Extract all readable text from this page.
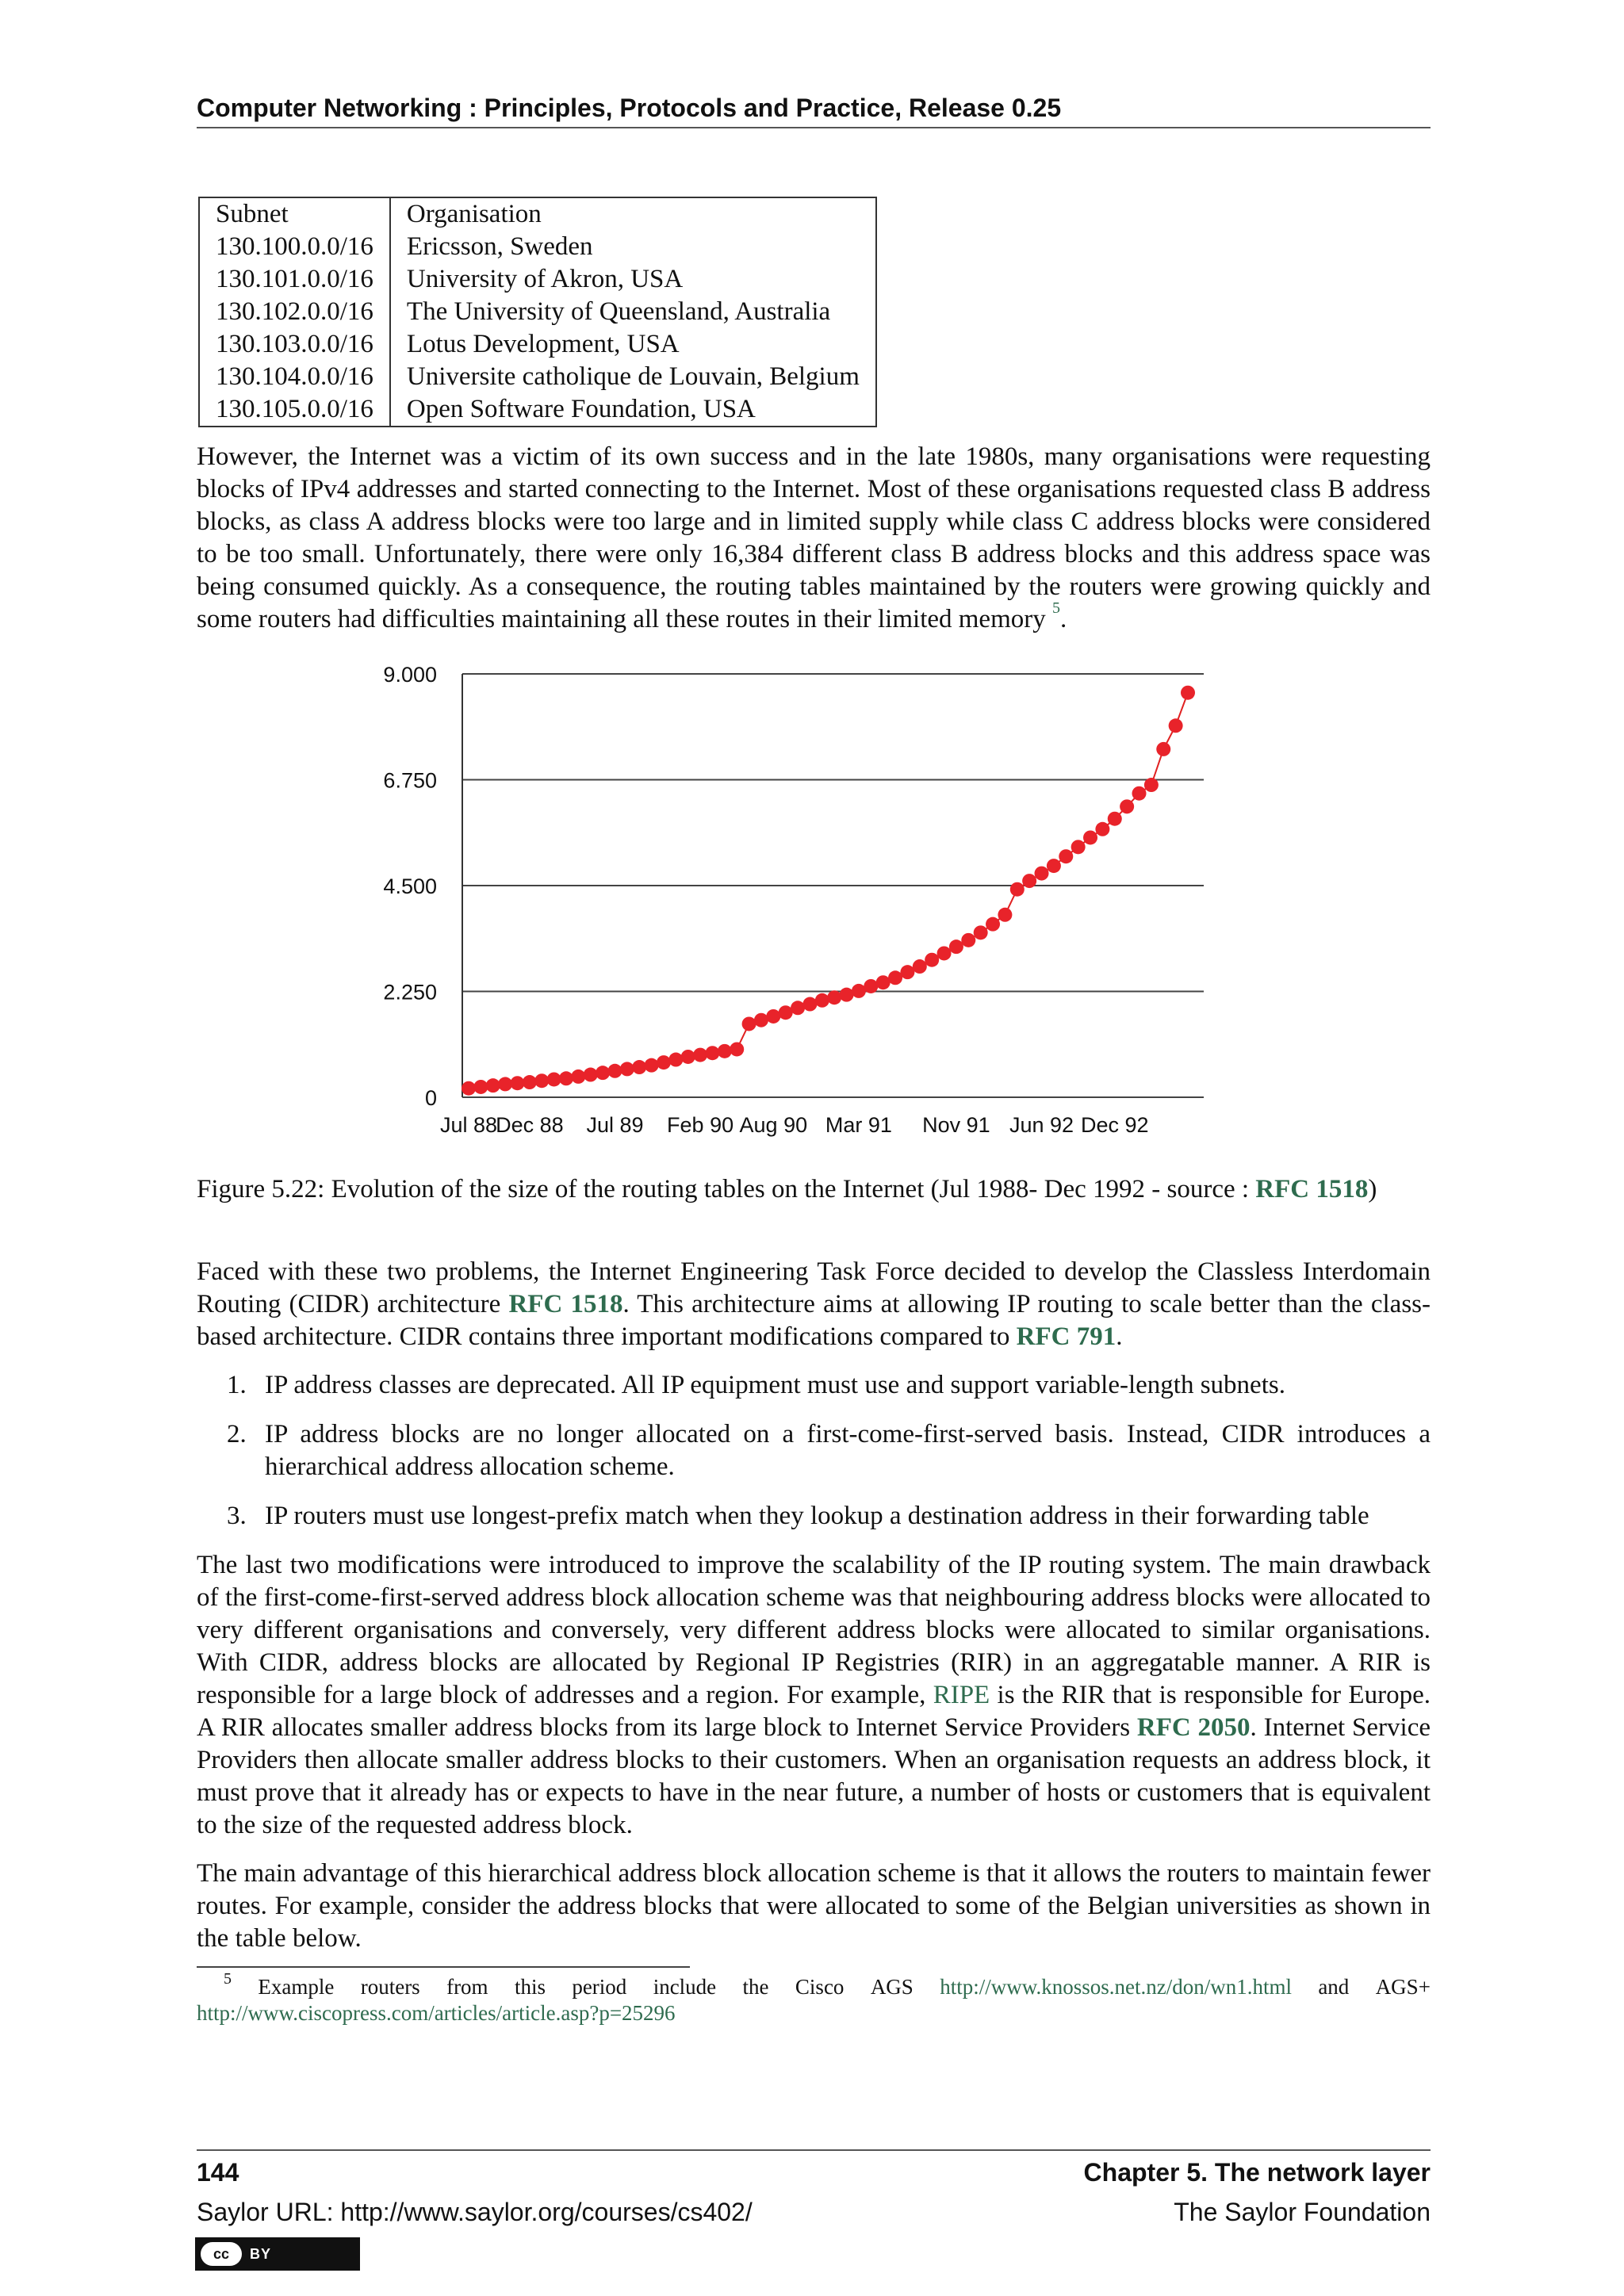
Computer Networking : Principles, Protocols and Practice, Release 0.25
Subnet	Organisation
130.100.0.0/16	Ericsson, Sweden
130.101.0.0/16	University of Akron, USA
130.102.0.0/16	The University of Queensland, Australia
130.103.0.0/16	Lotus Development, USA
130.104.0.0/16	Universite catholique de Louvain, Belgium
130.105.0.0/16	Open Software Foundation, USA

However, the Internet was a victim of its own success and in the late 1980s, many organisations were requesting blocks of IPv4 addresses and started connecting to the Internet. Most of these organisations requested class B address blocks, as class A address blocks were too large and in limited supply while class C address blocks were considered to be too small. Unfortunately, there were only 16,384 different class B address blocks and this address space was being consumed quickly. As a consequence, the routing tables maintained by the routers were growing quickly and some routers had difficulties maintaining all these routes in their limited memory $^5$.

9.000
6.750
4.500
2.250
0
Jul 88
Dec 88 Jul 89 Feb 90 Aug 90 Mar 91 Nov 91 Jun 92 Dec 92
Figure 5.22: Evolution of the size of the routing tables on the Internet (Jul 1988- Dec 1992 - source : RFC 1518)

Faced with these two problems, the Internet Engineering Task Force decided to develop the Classless Interdomain Routing (CIDR) architecture RFC 1518. This architecture aims at allowing IP routing to scale better than the class-based architecture. CIDR contains three important modifications compared to RFC 791.

1. IP address classes are deprecated. All IP equipment must use and support variable-length subnets.
2. IP address blocks are no longer allocated on a first-come-first-served basis. Instead, CIDR introduces a hierarchical address allocation scheme.
3. IP routers must use longest-prefix match when they lookup a destination address in their forwarding table

The last two modifications were introduced to improve the scalability of the IP routing system. The main drawback of the first-come-first-served address block allocation scheme was that neighbouring address blocks were allocated to very different organisations and conversely, very different address blocks were allocated to similar organisations. With CIDR, address blocks are allocated by Regional IP Registries (RIR) in an aggregatable manner. A RIR is responsible for a large block of addresses and a region. For example, RIPE is the RIR that is responsible for Europe. A RIR allocates smaller address blocks from its large block to Internet Service Providers RFC 2050. Internet Service Providers then allocate smaller address blocks to their customers. When an organisation requests an address block, it must prove that it already has or expects to have in the near future, a number of hosts or customers that is equivalent to the size of the requested address block.

The main advantage of this hierarchical address block allocation scheme is that it allows the routers to maintain fewer routes. For example, consider the address blocks that were allocated to some of the Belgian universities as shown in the table below.

$^5$ Example routers from this period include the Cisco AGS http://www.knossos.net.nz/don/wn1.html and AGS+
http://www.ciscopress.com/articles/article.asp?p=25296
144	Chapter 5. The network layer
Saylor URL: http://www.saylor.org/courses/cs402/	The Saylor Foundation
cc	BY
